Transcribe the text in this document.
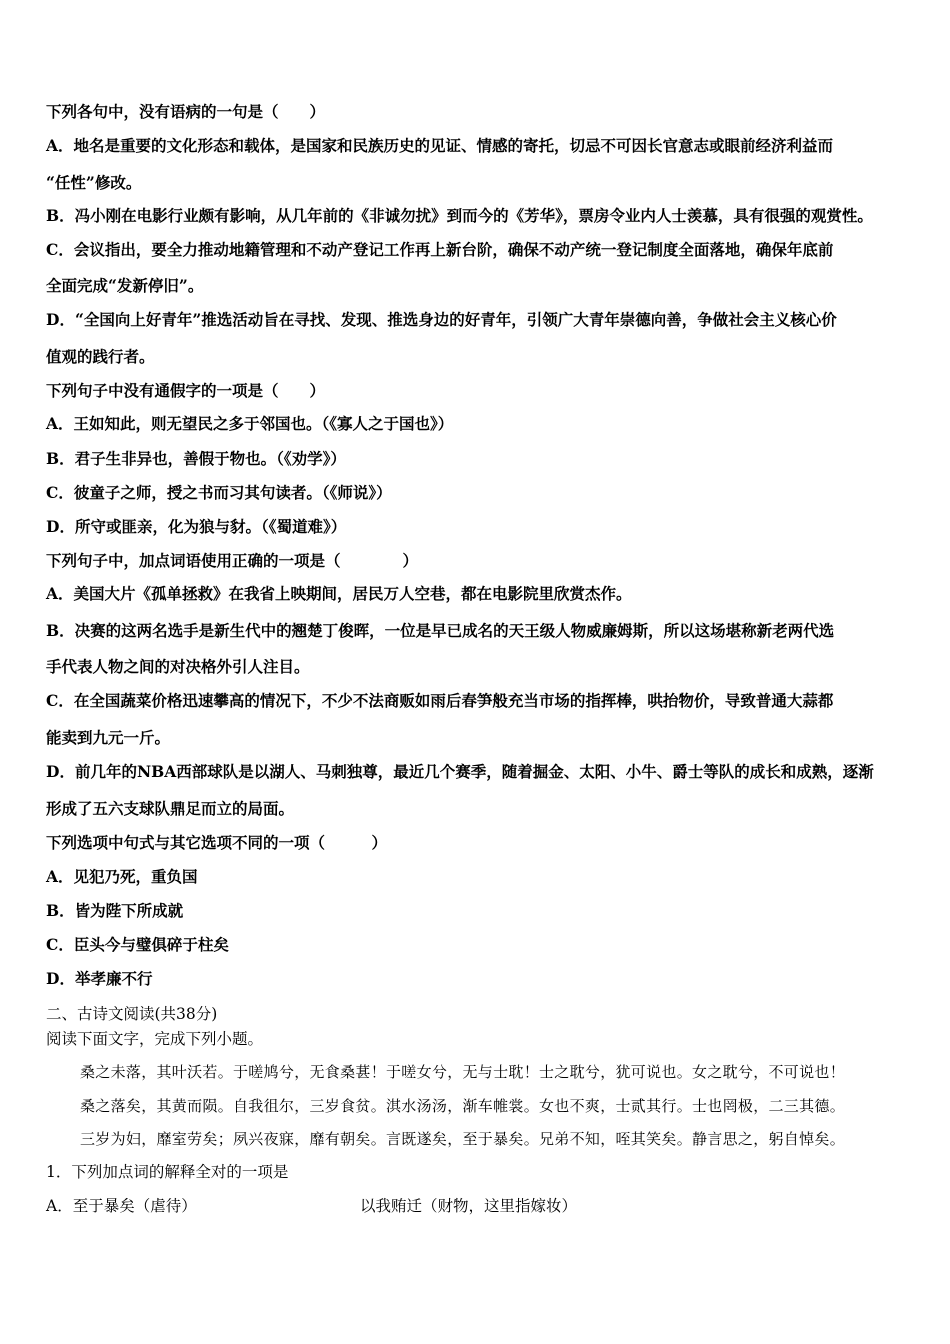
下列各句中，没有语病的一句是（　　）
A．地名是重要的文化形态和载体，是国家和民族历史的见证、情感的寄托，切忌不可因长官意志或眼前经济利益而
“任性”修改。
B．冯小刚在电影行业颇有影响，从几年前的《非诚勿扰》到而今的《芳华》，票房令业内人士羡慕，具有很强的观赏性。
C．会议指出，要全力推动地籍管理和不动产登记工作再上新台阶，确保不动产统一登记制度全面落地，确保年底前
全面完成“发新停旧”。
D．“全国向上好青年”推选活动旨在寻找、发现、推选身边的好青年，引领广大青年崇德向善，争做社会主义核心价
值观的践行者。
下列句子中没有通假字的一项是（　　）
A．王如知此，则无望民之多于邻国也。（《寡人之于国也》）
B．君子生非异也，善假于物也。（《劝学》）
C．彼童子之师，授之书而习其句读者。（《师说》）
D．所守或匪亲，化为狼与豺。（《蜀道难》）
下列句子中，加点词语使用正确的一项是（　　　　）
A．美国大片《孤单拯救》在我省上映期间，居民万人空巷，都在电影院里欣赏杰作。
B．决赛的这两名选手是新生代中的翘楚丁俊晖，一位是早已成名的天王级人物威廉姆斯，所以这场堪称新老两代选
手代表人物之间的对决格外引人注目。
C．在全国蔬菜价格迅速攀高的情况下，不少不法商贩如雨后春笋般充当市场的指挥棒，哄抬物价，导致普通大蒜都
能卖到九元一斤。
D．前几年的NBA西部球队是以湖人、马刺独尊，最近几个赛季，随着掘金、太阳、小牛、爵士等队的成长和成熟，逐渐
形成了五六支球队鼎足而立的局面。
下列选项中句式与其它选项不同的一项（　　　）
A．见犯乃死，重负国
B．皆为陛下所成就
C．臣头今与璧俱碎于柱矣
D．举孝廉不行
二、古诗文阅读(共38分)
阅读下面文字，完成下列小题。
桑之未落，其叶沃若。于嗟鸠兮，无食桑葚！于嗟女兮，无与士耽！士之耽兮，犹可说也。女之耽兮，不可说也！
桑之落矣，其黄而陨。自我徂尔，三岁食贫。淇水汤汤，渐车帷裳。女也不爽，士贰其行。士也罔极，二三其德。
三岁为妇，靡室劳矣；夙兴夜寐，靡有朝矣。言既遂矣，至于暴矣。兄弟不知，咥其笑矣。静言思之，躬自悼矣。
1．下列加点词的解释全对的一项是
A．至于暴矣（虐待）	以我贿迁（财物，这里指嫁妆）
